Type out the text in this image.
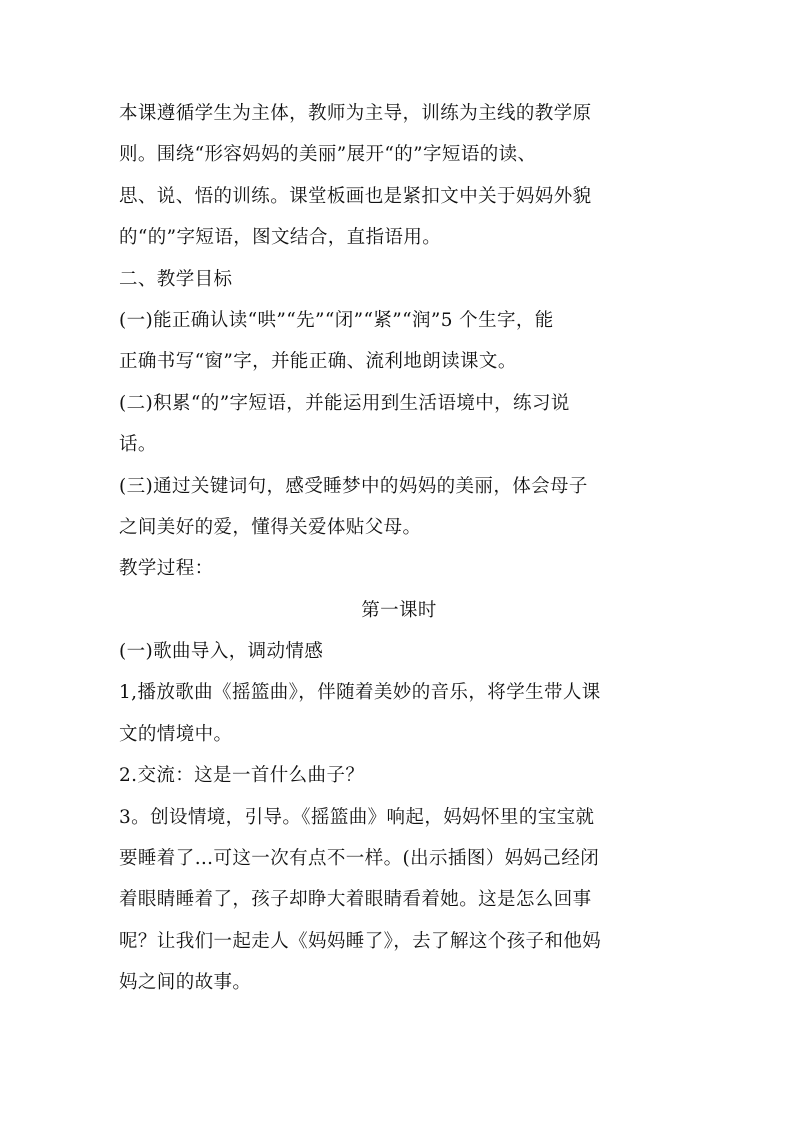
本课遵循学生为主体，教师为主导，训练为主线的教学原
则。围绕“形容妈妈的美丽”展开“的”字短语的读、
思、说、悟的训练。课堂板画也是紧扣文中关于妈妈外貌
的“的”字短语，图文结合，直指语用。
二、教学目标
(一)能正确认读“哄”“先”“闭”“紧”“润”5 个生字，能
正确书写“窗”字，并能正确、流利地朗读课文。
(二)积累“的”字短语，并能运用到生活语境中，练习说
话。
(三)通过关键词句，感受睡梦中的妈妈的美丽，体会母子
之间美好的爱，懂得关爱体贴父母。
教学过程：
第一课时
(一)歌曲导入，调动情感
1,播放歌曲《摇篮曲》，伴随着美妙的音乐，将学生带人课
文的情境中。
2.交流：这是一首什么曲子？
3。创设情境，引导。《摇篮曲》响起，妈妈怀里的宝宝就
要睡着了…可这一次有点不一样。(出示插图）妈妈己经闭
着眼睛睡着了，孩子却睁大着眼睛看着她。这是怎么回事
呢？让我们一起走人《妈妈睡了》，去了解这个孩子和他妈
妈之间的故事。
